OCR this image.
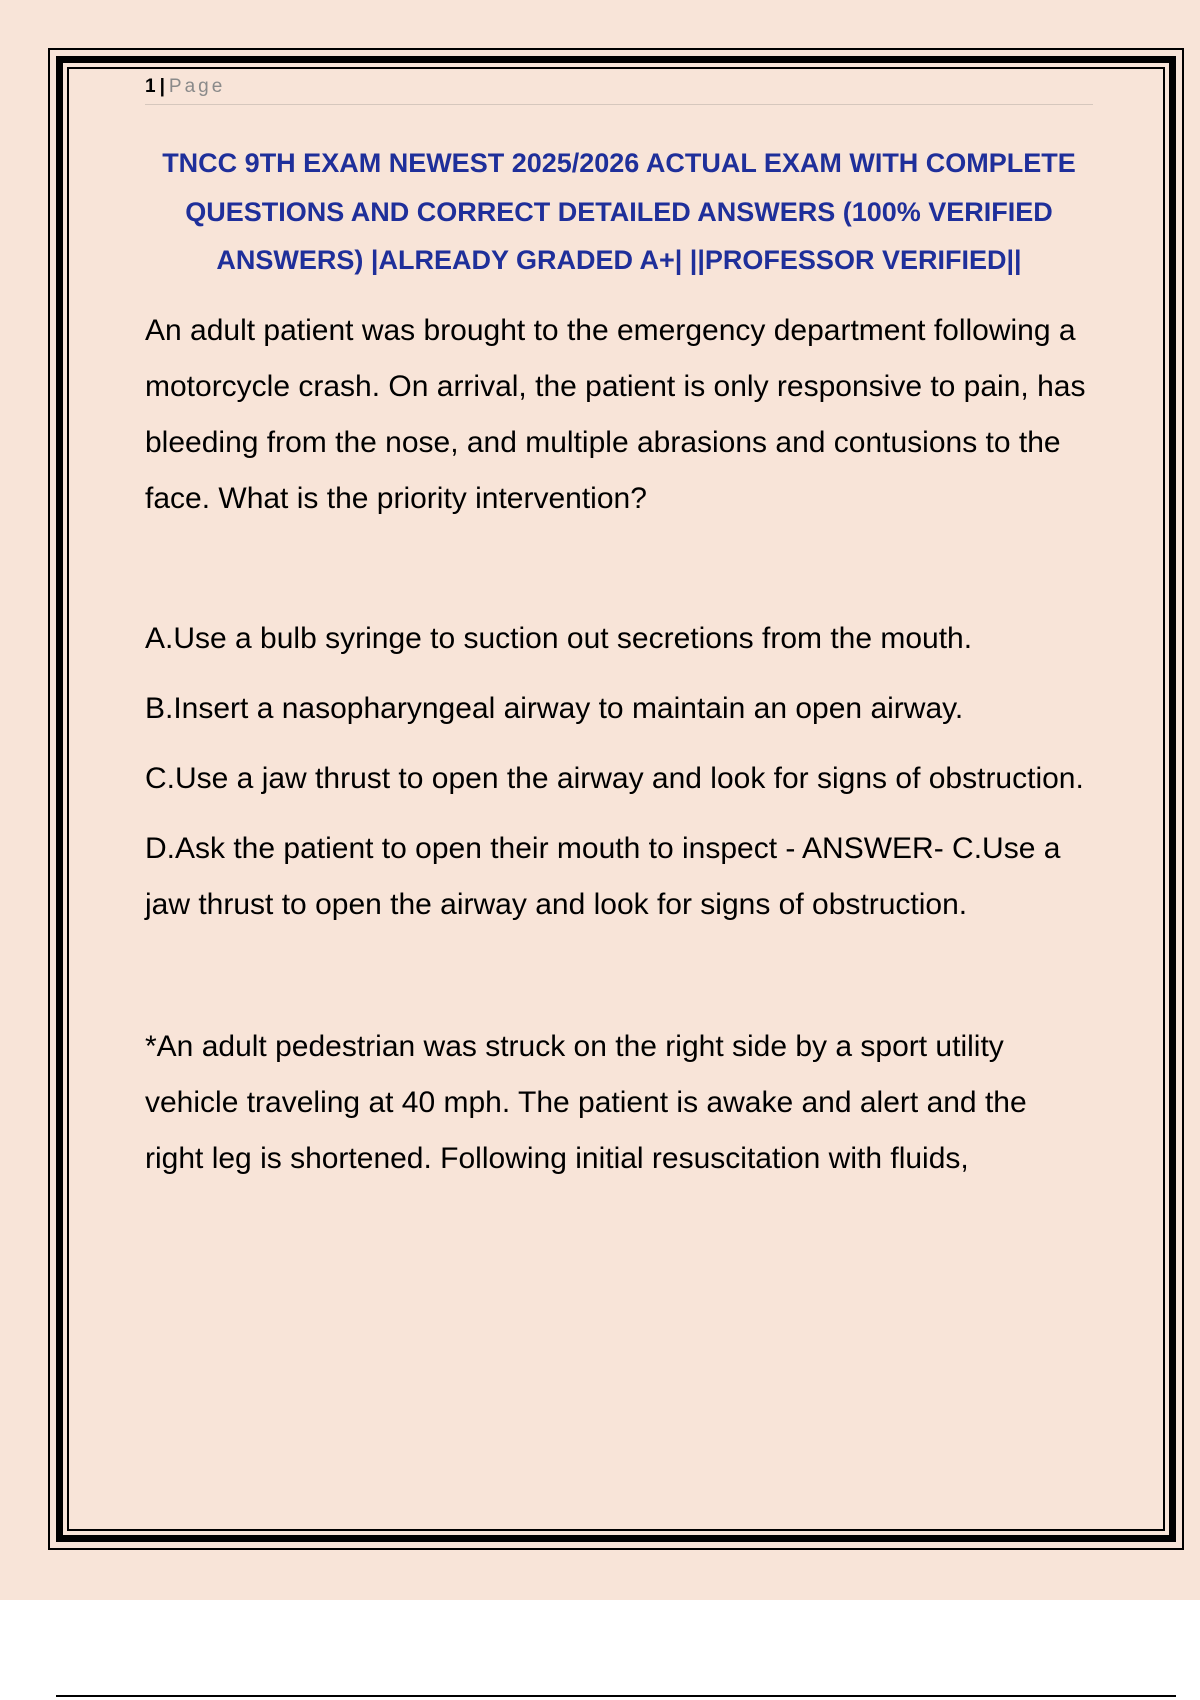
1 | Page
TNCC 9TH EXAM NEWEST 2025/2026 ACTUAL EXAM WITH COMPLETE QUESTIONS AND CORRECT DETAILED ANSWERS (100% VERIFIED ANSWERS) |ALREADY GRADED A+| ||PROFESSOR VERIFIED||

An adult patient was brought to the emergency department following a motorcycle crash. On arrival, the patient is only responsive to pain, has bleeding from the nose, and multiple abrasions and contusions to the face. What is the priority intervention?

A.Use a bulb syringe to suction out secretions from the mouth.

B.Insert a nasopharyngeal airway to maintain an open airway.

C.Use a jaw thrust to open the airway and look for signs of obstruction.

D.Ask the patient to open their mouth to inspect - ANSWER- C.Use a jaw thrust to open the airway and look for signs of obstruction.

*An adult pedestrian was struck on the right side by a sport utility vehicle traveling at 40 mph. The patient is awake and alert and the right leg is shortened. Following initial resuscitation with fluids,
